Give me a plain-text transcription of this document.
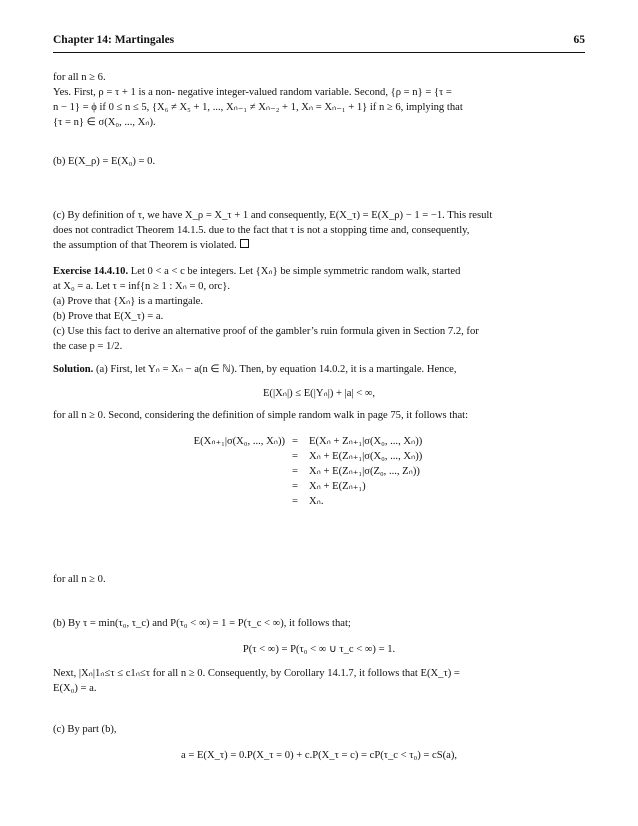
Chapter 14: Martingales	65
for all n ≥ 6.
Yes. First, ρ = τ + 1 is a non- negative integer-valued random variable. Second, {ρ = n} = {τ =
n − 1} = ϕ if 0 ≤ n ≤ 5, {X₆ ≠ X₅ + 1, ..., Xₙ₋₁ ≠ Xₙ₋₂ + 1, Xₙ = Xₙ₋₁ + 1} if n ≥ 6, implying that
{τ = n} ∈ σ(X₀, ..., Xₙ).
(b) E(X_ρ) = E(X₀) = 0.
(c) By definition of τ, we have X_ρ = X_τ + 1 and consequently, E(X_τ) = E(X_ρ) − 1 = −1. This result
does not contradict Theorem 14.1.5. due to the fact that τ is not a stopping time and, consequently,
the assumption of that Theorem is violated.
Exercise 14.4.10. Let 0 < a < c be integers. Let {Xₙ} be simple symmetric random walk, started
at X₀ = a. Let τ = inf{n ≥ 1 : Xₙ = 0, orc}.
(a) Prove that {Xₙ} is a martingale.
(b) Prove that E(X_τ) = a.
(c) Use this fact to derive an alternative proof of the gambler’s ruin formula given in Section 7.2, for
the case p = 1/2.
Solution. (a) First, let Yₙ = Xₙ − a(n ∈ ℕ). Then, by equation 14.0.2, it is a martingale. Hence,
E(|Xₙ|) ≤ E(|Yₙ|) + |a| < ∞,
for all n ≥ 0. Second, considering the definition of simple random walk in page 75, it follows that:
E(Xₙ₊₁|σ(X₀, ..., Xₙ)) = E(Xₙ + Zₙ₊₁|σ(X₀, ..., Xₙ))
= Xₙ + E(Zₙ₊₁|σ(X₀, ..., Xₙ))
= Xₙ + E(Zₙ₊₁|σ(Z₀, ..., Zₙ))
= Xₙ + E(Zₙ₊₁)
= Xₙ.
for all n ≥ 0.
(b) By τ = min(τ₀, τ_c) and P(τ₀ < ∞) = 1 = P(τ_c < ∞), it follows that;
P(τ < ∞) = P(τ₀ < ∞ ∪ τ_c < ∞) = 1.
Next, |Xₙ|1ₙ≤τ ≤ c1ₙ≤τ for all n ≥ 0. Consequently, by Corollary 14.1.7, it follows that E(X_τ) =
E(X₀) = a.
(c) By part (b),
a = E(X_τ) = 0.P(X_τ = 0) + c.P(X_τ = c) = cP(τ_c < τ₀) = cS(a),
